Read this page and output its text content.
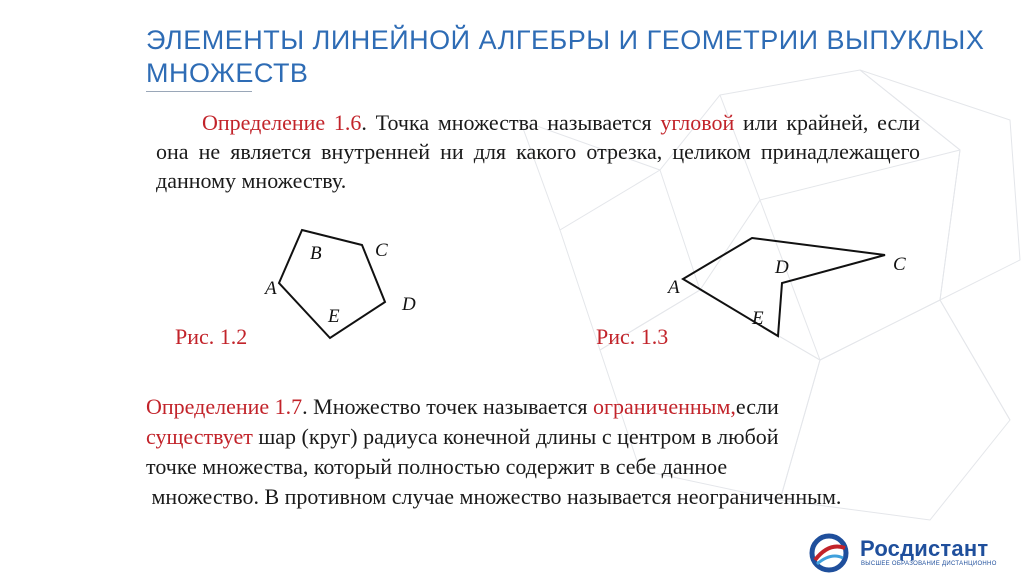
ЭЛЕМЕНТЫ ЛИНЕЙНОЙ АЛГЕБРЫ И ГЕОМЕТРИИ ВЫПУКЛЫХ МНОЖЕСТВ
Определение 1.6. Точка множества называется угловой или крайней, если она не является внутренней ни для какого отрезка, целиком принадлежащего данному множеству.
B	C
A
E
D
C
D
A
E
Рис. 1.2	Рис. 1.3
Определение 1.7. Множество точек называется ограниченным,если
существует шар (круг) радиуса конечной длины с центром в любой
точке множества, который полностью содержит в себе данное
множество. В противном случае множество называется неограниченным.
Росдистант
ВЫСШЕЕ ОБРАЗОВАНИЕ ДИСТАНЦИОННО
